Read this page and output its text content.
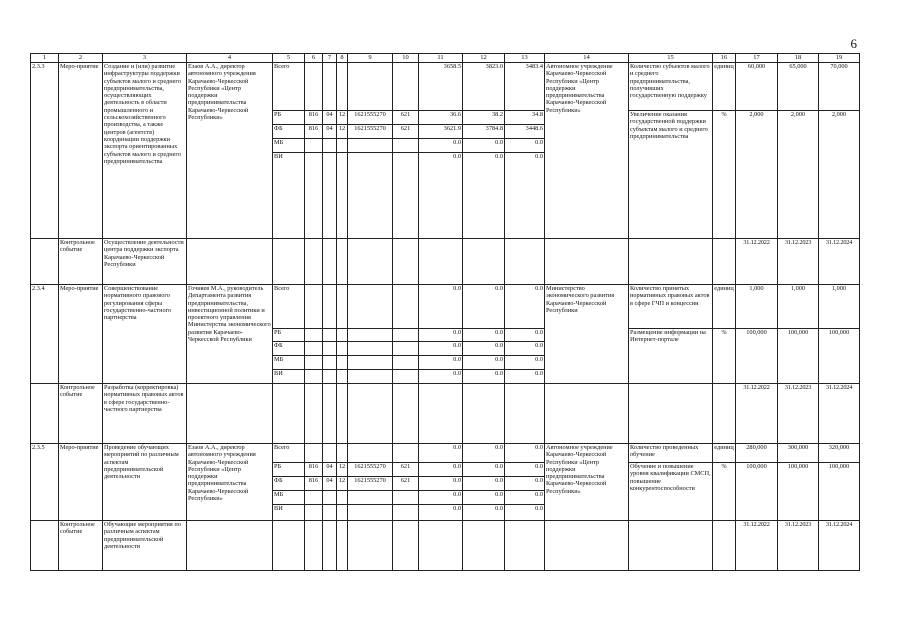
6
1	2	3	4	5	6	7	8	9	10	11	12	13	14	15	16	17	18	19
2.3.3	Меро-приятие	Создание и (или) развитие инфраструктуры поддержки субъектов малого и среднего предпринимательства, осуществляющих деятельность в области промышленного и сельскохозяйственного производства, а также центров (агентств) координации поддержки экспорта ориентированных субъектов малого и среднего предпринимательства	Езаов А.А., директор автономного учреждения Карачаево-Черкесской Республики «Центр поддержки предпринимательства Карачаево-Черкесской Республики»	Всего						3658.5	3823.0	3483.4	Автономное учреждение Карачаево-Черкесской Республики «Центр поддержки предпринимательства Карачаево-Черкесской Республики»	Количество субъектов малого и среднего предпринимательства, получивших государственную поддержку	единиц	60,000	65,000	70,000
				РБ	816	04	12	1621555270	621	36.6	38.2	34.8		Увеличение оказания государственной поддержки субъектам малого и среднего предпринимательства	%	2,000	2,000	2,000
				ФБ	816	04	12	1621555270	621	3621.9	3784.8	3448.6						
				МБ						0.0	0.0	0.0						
				ВИ						0.0	0.0	0.0						
	Контрольное событие	Осуществление деятельности центра поддержки экспорта Карачаево-Черкесской Республики														31.12.2022	31.12.2023	31.12.2024
2.3.4	Меро-приятие	Совершенствование нормативного правового регулирования сферы государственно-частного партнерства	Гочияев М.А., руководитель Департамента развития предпринимательства, инвестиционной политики и проектного управления Министерства экономического развития Карачаево-Черкесской Республики	Всего						0.0	0.0	0.0	Министерство экономического развития Карачаево-Черкесской Республики	Количество принятых нормативных правовых актов в сфере ГЧП и концессии	единиц	1,000	1,000	1,000
				РБ						0.0	0.0	0.0		Размещение информации на Интернет-портале	%	100,000	100,000	100,000
				ФБ						0.0	0.0	0.0						
				МБ						0.0	0.0	0.0						
				ВИ						0.0	0.0	0.0						
	Контрольное событие	Разработка (корректировка) нормативных правовых актов в сфере государственно-частного партнерства														31.12.2022	31.12.2023	31.12.2024
2.3.5	Меро-приятие	Проведение обучающих мероприятий по различным аспектам предпринимательской деятельности	Езаов А.А., директор автономного учреждения Карачаево-Черкесской Республики «Центр поддержки предпринимательства Карачаево-Черкесской Республики»	Всего						0.0	0.0	0.0	Автономное учреждение Карачаево-Черкесской Республики «Центр поддержки предпринимательства Карачаево-Черкесской Республики»	Количество проведенных обучение	единиц	280,000	300,000	320,000
				РБ	816	04	12	1621555270	621	0.0	0.0	0.0		Обучение и повышение уровня квалификации СМСП, повышение конкурентоспособности	%	100,000	100,000	100,000
				ФБ	816	04	12	1621555270	621	0.0	0.0	0.0						
				МБ						0.0	0.0	0.0						
				ВИ						0.0	0.0	0.0						
	Контрольное событие	Обучающие мероприятия по различным аспектам предпринимательской деятельности														31.12.2022	31.12.2023	31.12.2024
